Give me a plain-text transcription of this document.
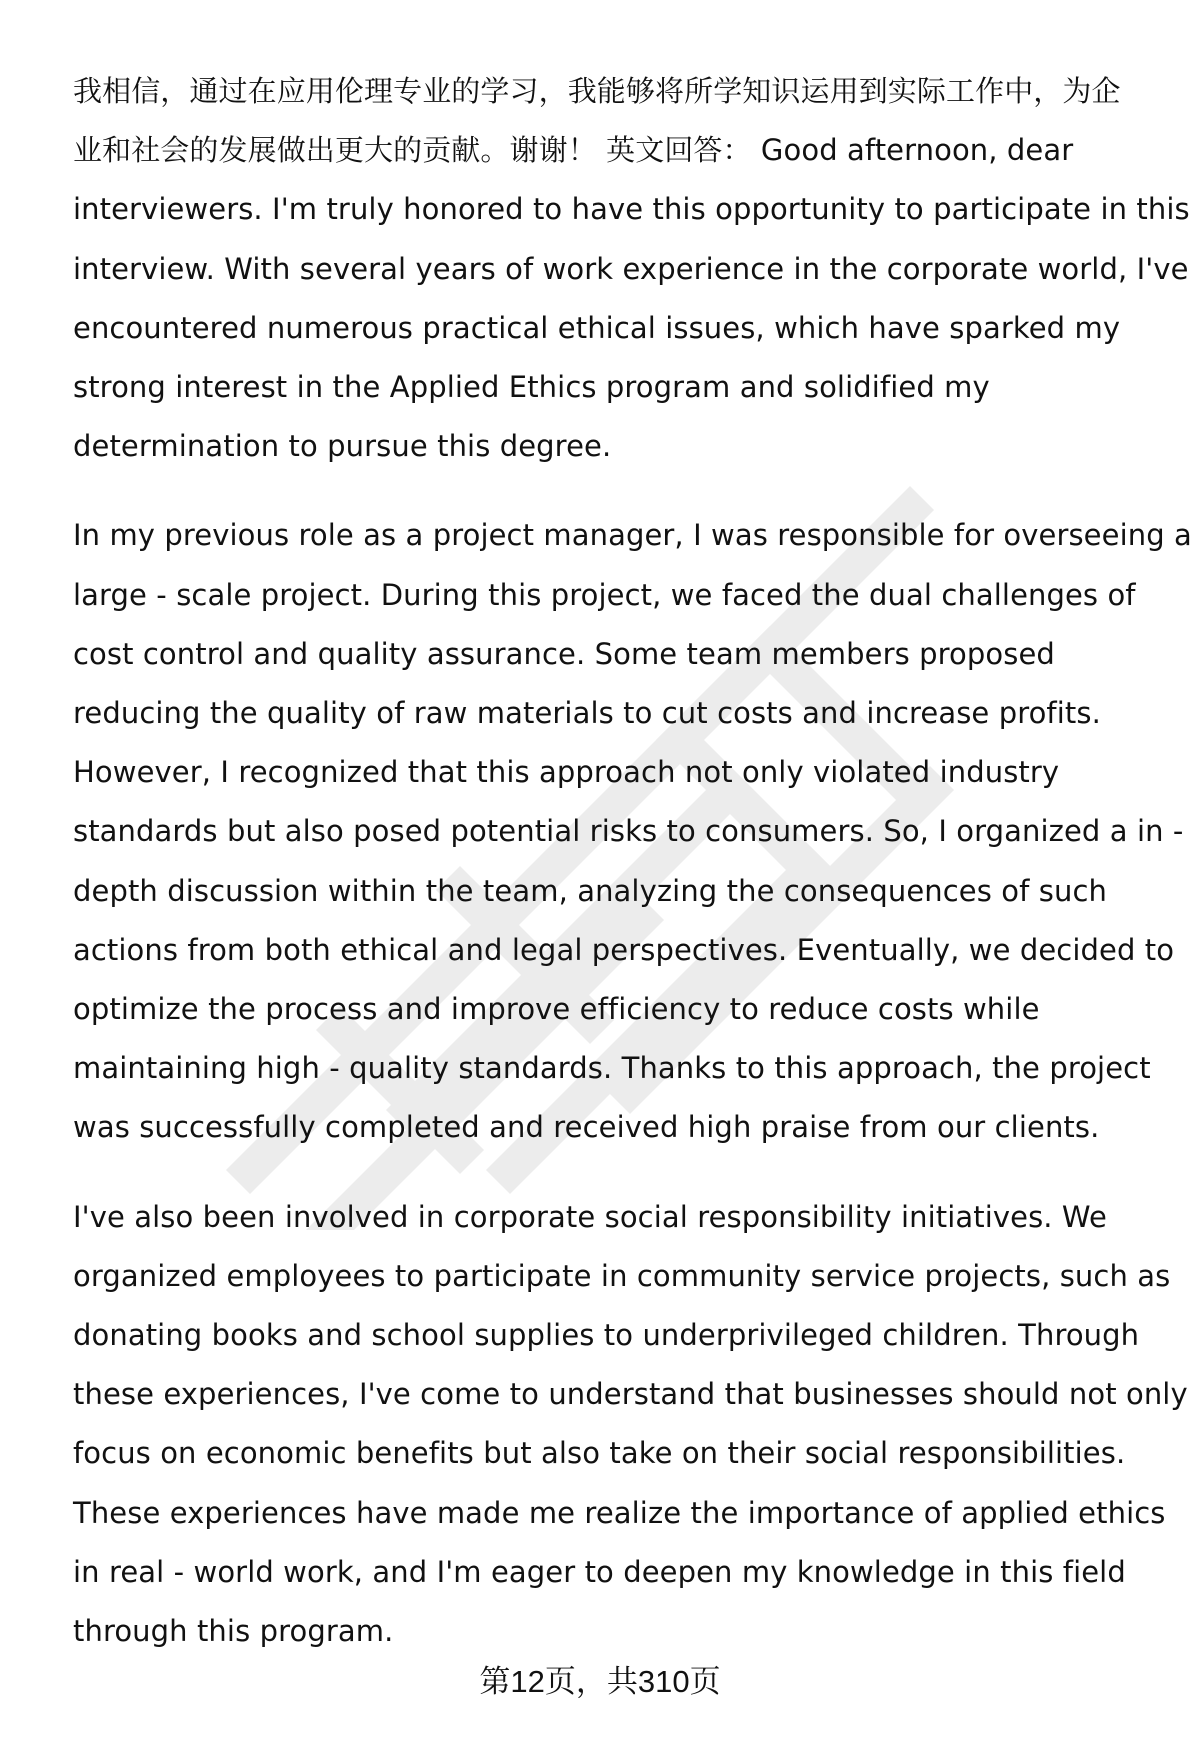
我相信，通过在应用伦理专业的学习，我能够将所学知识运用到实际工作中，为企
业和社会的发展做出更大的贡献。谢谢！ 英文回答： Good afternoon, dear
interviewers. I'm truly honored to have this opportunity to participate in this
interview. With several years of work experience in the corporate world, I've
encountered numerous practical ethical issues, which have sparked my
strong interest in the Applied Ethics program and solidified my
determination to pursue this degree.

In my previous role as a project manager, I was responsible for overseeing a
large - scale project. During this project, we faced the dual challenges of
cost control and quality assurance. Some team members proposed
reducing the quality of raw materials to cut costs and increase profits.
However, I recognized that this approach not only violated industry
standards but also posed potential risks to consumers. So, I organized a in -
depth discussion within the team, analyzing the consequences of such
actions from both ethical and legal perspectives. Eventually, we decided to
optimize the process and improve efficiency to reduce costs while
maintaining high - quality standards. Thanks to this approach, the project
was successfully completed and received high praise from our clients.

I've also been involved in corporate social responsibility initiatives. We
organized employees to participate in community service projects, such as
donating books and school supplies to underprivileged children. Through
these experiences, I've come to understand that businesses should not only
focus on economic benefits but also take on their social responsibilities.
These experiences have made me realize the importance of applied ethics
in real - world work, and I'm eager to deepen my knowledge in this field
through this program.

第12页，共310页
